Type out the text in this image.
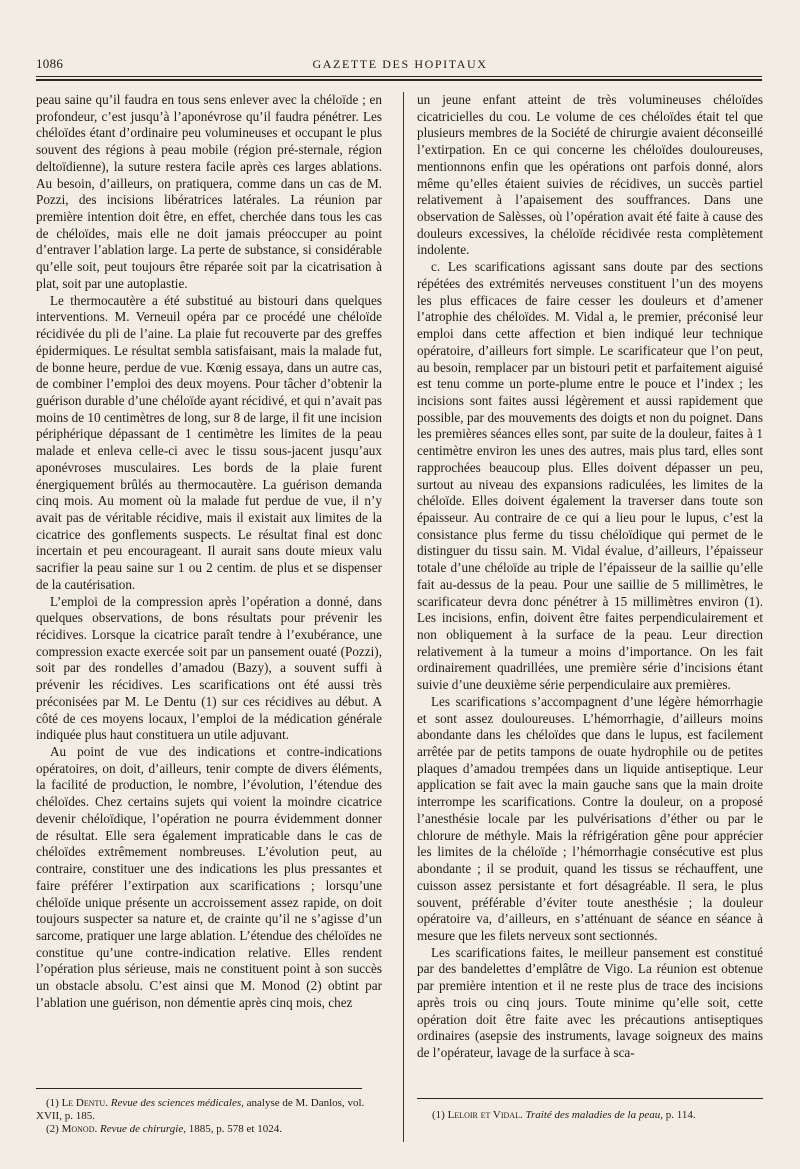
1086	GAZETTE DES HOPITAUX

peau saine qu’il faudra en tous sens enlever avec la chéloïde ; en profondeur, c’est jusqu’à l’aponévrose qu’il faudra pénétrer. Les chéloïdes étant d’ordinaire peu volumineuses et occupant le plus souvent des régions à peau mobile (région pré-sternale, région deltoïdienne), la suture restera facile après ces larges ablations. Au besoin, d’ailleurs, on pratiquera, comme dans un cas de M. Pozzi, des incisions libératrices latérales. La réunion par première intention doit être, en effet, cherchée dans tous les cas de chéloïdes, mais elle ne doit jamais préoccuper au point d’entraver l’ablation large. La perte de substance, si considérable qu’elle soit, peut toujours être réparée soit par la cicatrisation à plat, soit par une autoplastie.

Le thermocautère a été substitué au bistouri dans quelques interventions. M. Verneuil opéra par ce procédé une chéloïde récidivée du pli de l’aine. La plaie fut recouverte par des greffes épidermiques. Le résultat sembla satisfaisant, mais la malade fut, de bonne heure, perdue de vue. Kœnig essaya, dans un autre cas, de combiner l’emploi des deux moyens. Pour tâcher d’obtenir la guérison durable d’une chéloïde ayant récidivé, et qui n’avait pas moins de 10 centimètres de long, sur 8 de large, il fit une incision périphérique dépassant de 1 centimètre les limites de la peau malade et enleva celle-ci avec le tissu sous-jacent jusqu’aux aponévroses musculaires. Les bords de la plaie furent énergiquement brûlés au thermocautère. La guérison demanda cinq mois. Au moment où la malade fut perdue de vue, il n’y avait pas de véritable récidive, mais il existait aux limites de la cicatrice des gonflements suspects. Le résultat final est donc incertain et peu encourageant. Il aurait sans doute mieux valu sacrifier la peau saine sur 1 ou 2 centim. de plus et se dispenser de la cautérisation.

L’emploi de la compression après l’opération a donné, dans quelques observations, de bons résultats pour prévenir les récidives. Lorsque la cicatrice paraît tendre à l’exubérance, une compression exacte exercée soit par un pansement ouaté (Pozzi), soit par des rondelles d’amadou (Bazy), a souvent suffi à prévenir les récidives. Les scarifications ont été aussi très préconisées par M. Le Dentu (1) sur ces récidives au début. A côté de ces moyens locaux, l’emploi de la médication générale indiquée plus haut constituera un utile adjuvant.

Au point de vue des indications et contre-indications opératoires, on doit, d’ailleurs, tenir compte de divers éléments, la facilité de production, le nombre, l’évolution, l’étendue des chéloïdes. Chez certains sujets qui voient la moindre cicatrice devenir chéloïdique, l’opération ne pourra évidemment donner de résultat. Elle sera également impraticable dans le cas de chéloïdes extrêmement nombreuses. L’évolution peut, au contraire, constituer une des indications les plus pressantes et faire préférer l’extirpation aux scarifications ; lorsqu’une chéloïde unique présente un accroissement assez rapide, on doit toujours suspecter sa nature et, de crainte qu’il ne s’agisse d’un sarcome, pratiquer une large ablation. L’étendue des chéloïdes ne constitue qu’une contre-indication relative. Elles rendent l’opération plus sérieuse, mais ne constituent point à son succès un obstacle absolu. C’est ainsi que M. Monod (2) obtint par l’ablation une guérison, non démentie après cinq mois, chez

un jeune enfant atteint de très volumineuses chéloïdes cicatricielles du cou. Le volume de ces chéloïdes était tel que plusieurs membres de la Société de chirurgie avaient déconseillé l’extirpation. En ce qui concerne les chéloïdes douloureuses, mentionnons enfin que les opérations ont parfois donné, alors même qu’elles étaient suivies de récidives, un succès partiel relativement à l’apaisement des souffrances. Dans une observation de Salèsses, où l’opération avait été faite à cause des douleurs excessives, la chéloïde récidivée resta complètement indolente.

c. Les scarifications agissant sans doute par des sections répétées des extrémités nerveuses constituent l’un des moyens les plus efficaces de faire cesser les douleurs et d’amener l’atrophie des chéloïdes. M. Vidal a, le premier, préconisé leur emploi dans cette affection et bien indiqué leur technique opératoire, d’ailleurs fort simple. Le scarificateur que l’on peut, au besoin, remplacer par un bistouri petit et parfaitement aiguisé est tenu comme un porte-plume entre le pouce et l’index ; les incisions sont faites aussi légèrement et aussi rapidement que possible, par des mouvements des doigts et non du poignet. Dans les premières séances elles sont, par suite de la douleur, faites à 1 centimètre environ les unes des autres, mais plus tard, elles sont rapprochées beaucoup plus. Elles doivent dépasser un peu, surtout au niveau des expansions radiculées, les limites de la chéloïde. Elles doivent également la traverser dans toute son épaisseur. Au contraire de ce qui a lieu pour le lupus, c’est la consistance plus ferme du tissu chéloïdique qui permet de le distinguer du tissu sain. M. Vidal évalue, d’ailleurs, l’épaisseur totale d’une chéloïde au triple de l’épaisseur de la saillie qu’elle fait au-dessus de la peau. Pour une saillie de 5 millimètres, le scarificateur devra donc pénétrer à 15 millimètres environ (1). Les incisions, enfin, doivent être faites perpendiculairement et non obliquement à la surface de la peau. Leur direction relativement à la tumeur a moins d’importance. On les fait ordinairement quadrillées, une première série d’incisions étant suivie d’une deuxième série perpendiculaire aux premières.

Les scarifications s’accompagnent d’une légère hémorrhagie et sont assez douloureuses. L’hémorrhagie, d’ailleurs moins abondante dans les chéloïdes que dans le lupus, est facilement arrêtée par de petits tampons de ouate hydrophile ou de petites plaques d’amadou trempées dans un liquide antiseptique. Leur application se fait avec la main gauche sans que la main droite interrompe les scarifications. Contre la douleur, on a proposé l’anesthésie locale par les pulvérisations d’éther ou par le chlorure de méthyle. Mais la réfrigération gêne pour apprécier les limites de la chéloïde ; l’hémorrhagie consécutive est plus abondante ; il se produit, quand les tissus se réchauffent, une cuisson assez persistante et fort désagréable. Il sera, le plus souvent, préférable d’éviter toute anesthésie ; la douleur opératoire va, d’ailleurs, en s’atténuant de séance en séance à mesure que les filets nerveux sont sectionnés.

Les scarifications faites, le meilleur pansement est constitué par des bandelettes d’emplâtre de Vigo. La réunion est obtenue par première intention et il ne reste plus de trace des incisions après trois ou cinq jours. Toute minime qu’elle soit, cette opération doit être faite avec les précautions antiseptiques ordinaires (asepsie des instruments, lavage soigneux des mains de l’opérateur, lavage de la surface à sca-

(1) Le Dentu. Revue des sciences médicales, analyse de M. Danlos, vol. XVII, p. 185.

(2) Monod. Revue de chirurgie, 1885, p. 578 et 1024.

(1) Leloir et Vidal. Traité des maladies de la peau, p. 114.
